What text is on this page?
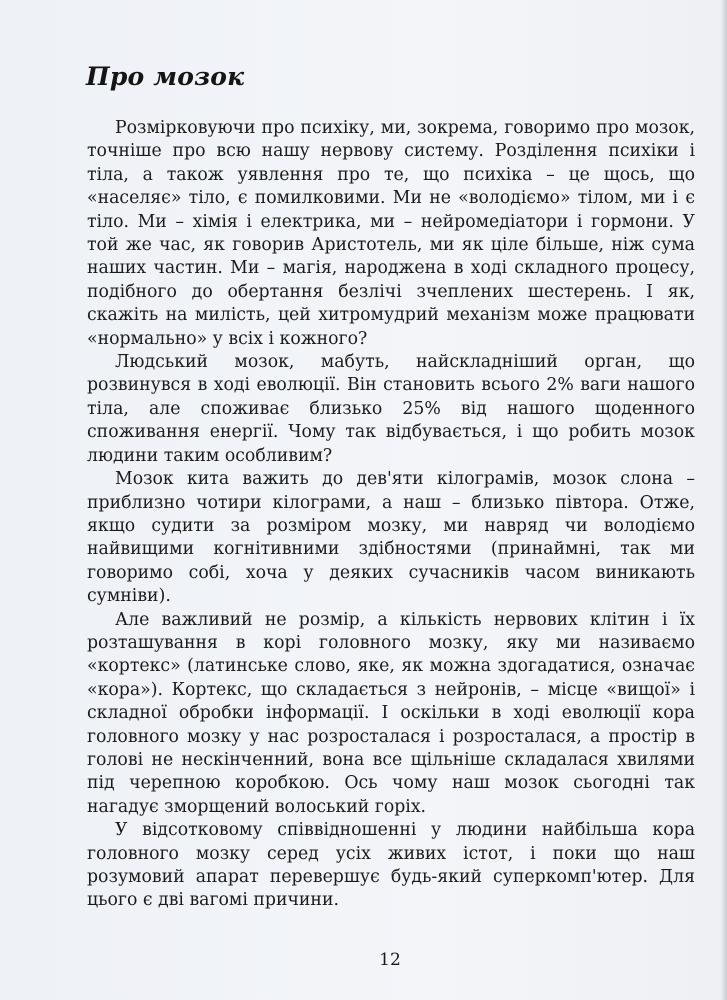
Про мозок

Розмірковуючи про психіку, ми, зокрема, говоримо про мозок, точніше про всю нашу нервову систему. Розділення психіки і тіла, а також уявлення про те, що психіка – це щось, що «населяє» тіло, є помилковими. Ми не «володіємо» тілом, ми і є тіло. Ми – хімія і електрика, ми – нейромедіатори і гормони. У той же час, як говорив Аристотель, ми як ціле більше, ніж сума наших частин. Ми – магія, народжена в ході складного процесу, подібного до обертання безлічі зчеплених шестерень. І як, скажіть на милість, цей хитромудрий механізм може працювати «нормально» у всіх і кожного?

Людський мозок, мабуть, найскладніший орган, що розвинувся в ході еволюції. Він становить всього 2% ваги нашого тіла, але споживає близько 25% від нашого щоденного споживання енергії. Чому так відбувається, і що робить мозок людини таким особливим?

Мозок кита важить до дев'яти кілограмів, мозок слона – приблизно чотири кілограми, а наш – близько півтора. Отже, якщо судити за розміром мозку, ми навряд чи володіємо найвищими когнітивними здібностями (принаймні, так ми говоримо собі, хоча у деяких сучасників часом виникають сумніви).

Але важливий не розмір, а кількість нервових клітин і їх розташування в корі головного мозку, яку ми називаємо «кортекс» (латинське слово, яке, як можна здогадатися, означає «кора»). Кортекс, що складається з нейронів, – місце «вищої» і складної обробки інформації. І оскільки в ході еволюції кора головного мозку у нас розросталася і розросталася, а простір в голові не нескінченний, вона все щільніше складалася хвилями під черепною коробкою. Ось чому наш мозок сьогодні так нагадує зморщений волоський горіх.

У відсотковому співвідношенні у людини найбільша кора головного мозку серед усіх живих істот, і поки що наш розумовий апарат перевершує будь-який суперкомп'ютер. Для цього є дві вагомі причини.

12
